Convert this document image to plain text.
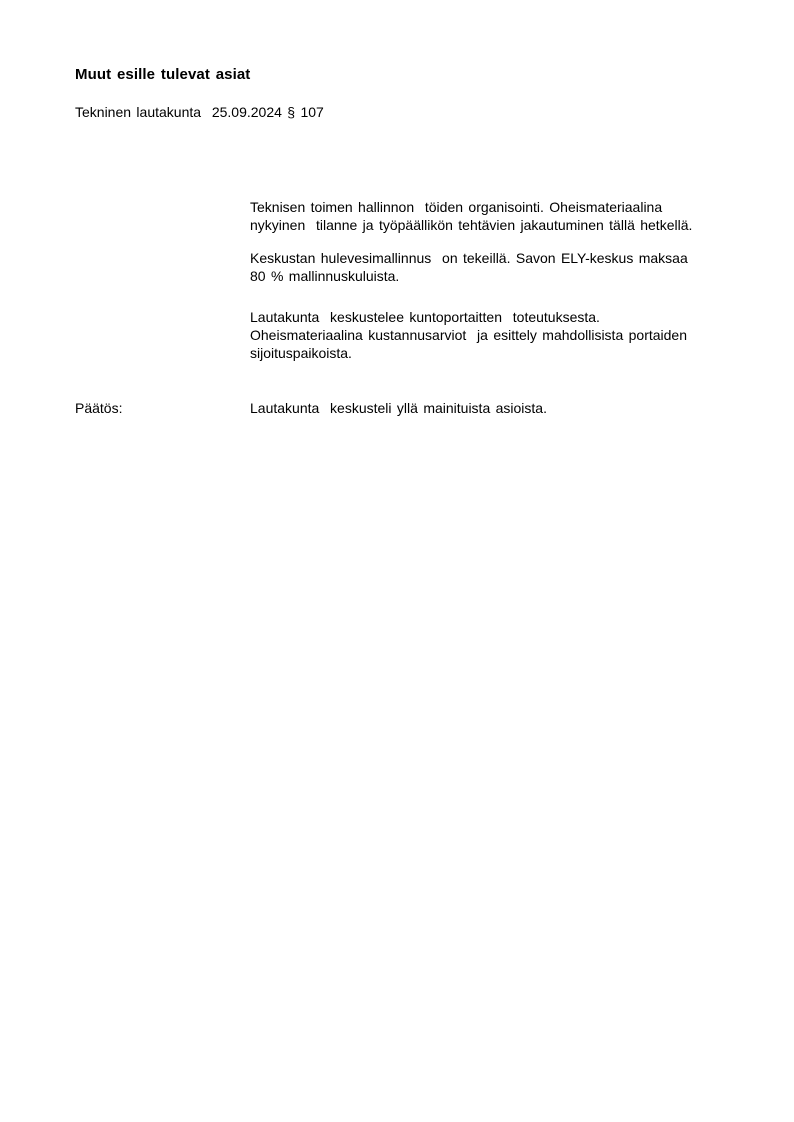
Muut esille tulevat asiat
Tekninen lautakunta  25.09.2024 § 107
Teknisen toimen hallinnon  töiden organisointi. Oheismateriaalina
nykyinen  tilanne ja työpäällikön tehtävien jakautuminen tällä hetkellä.
Keskustan hulevesimallinnus  on tekeillä. Savon ELY-keskus maksaa
80 % mallinnuskuluista.
Lautakunta  keskustelee kuntoportaitten  toteutuksesta.
Oheismateriaalina kustannusarviot  ja esittely mahdollisista portaiden
sijoituspaikoista.
Päätös:	Lautakunta  keskusteli yllä mainituista asioista.
